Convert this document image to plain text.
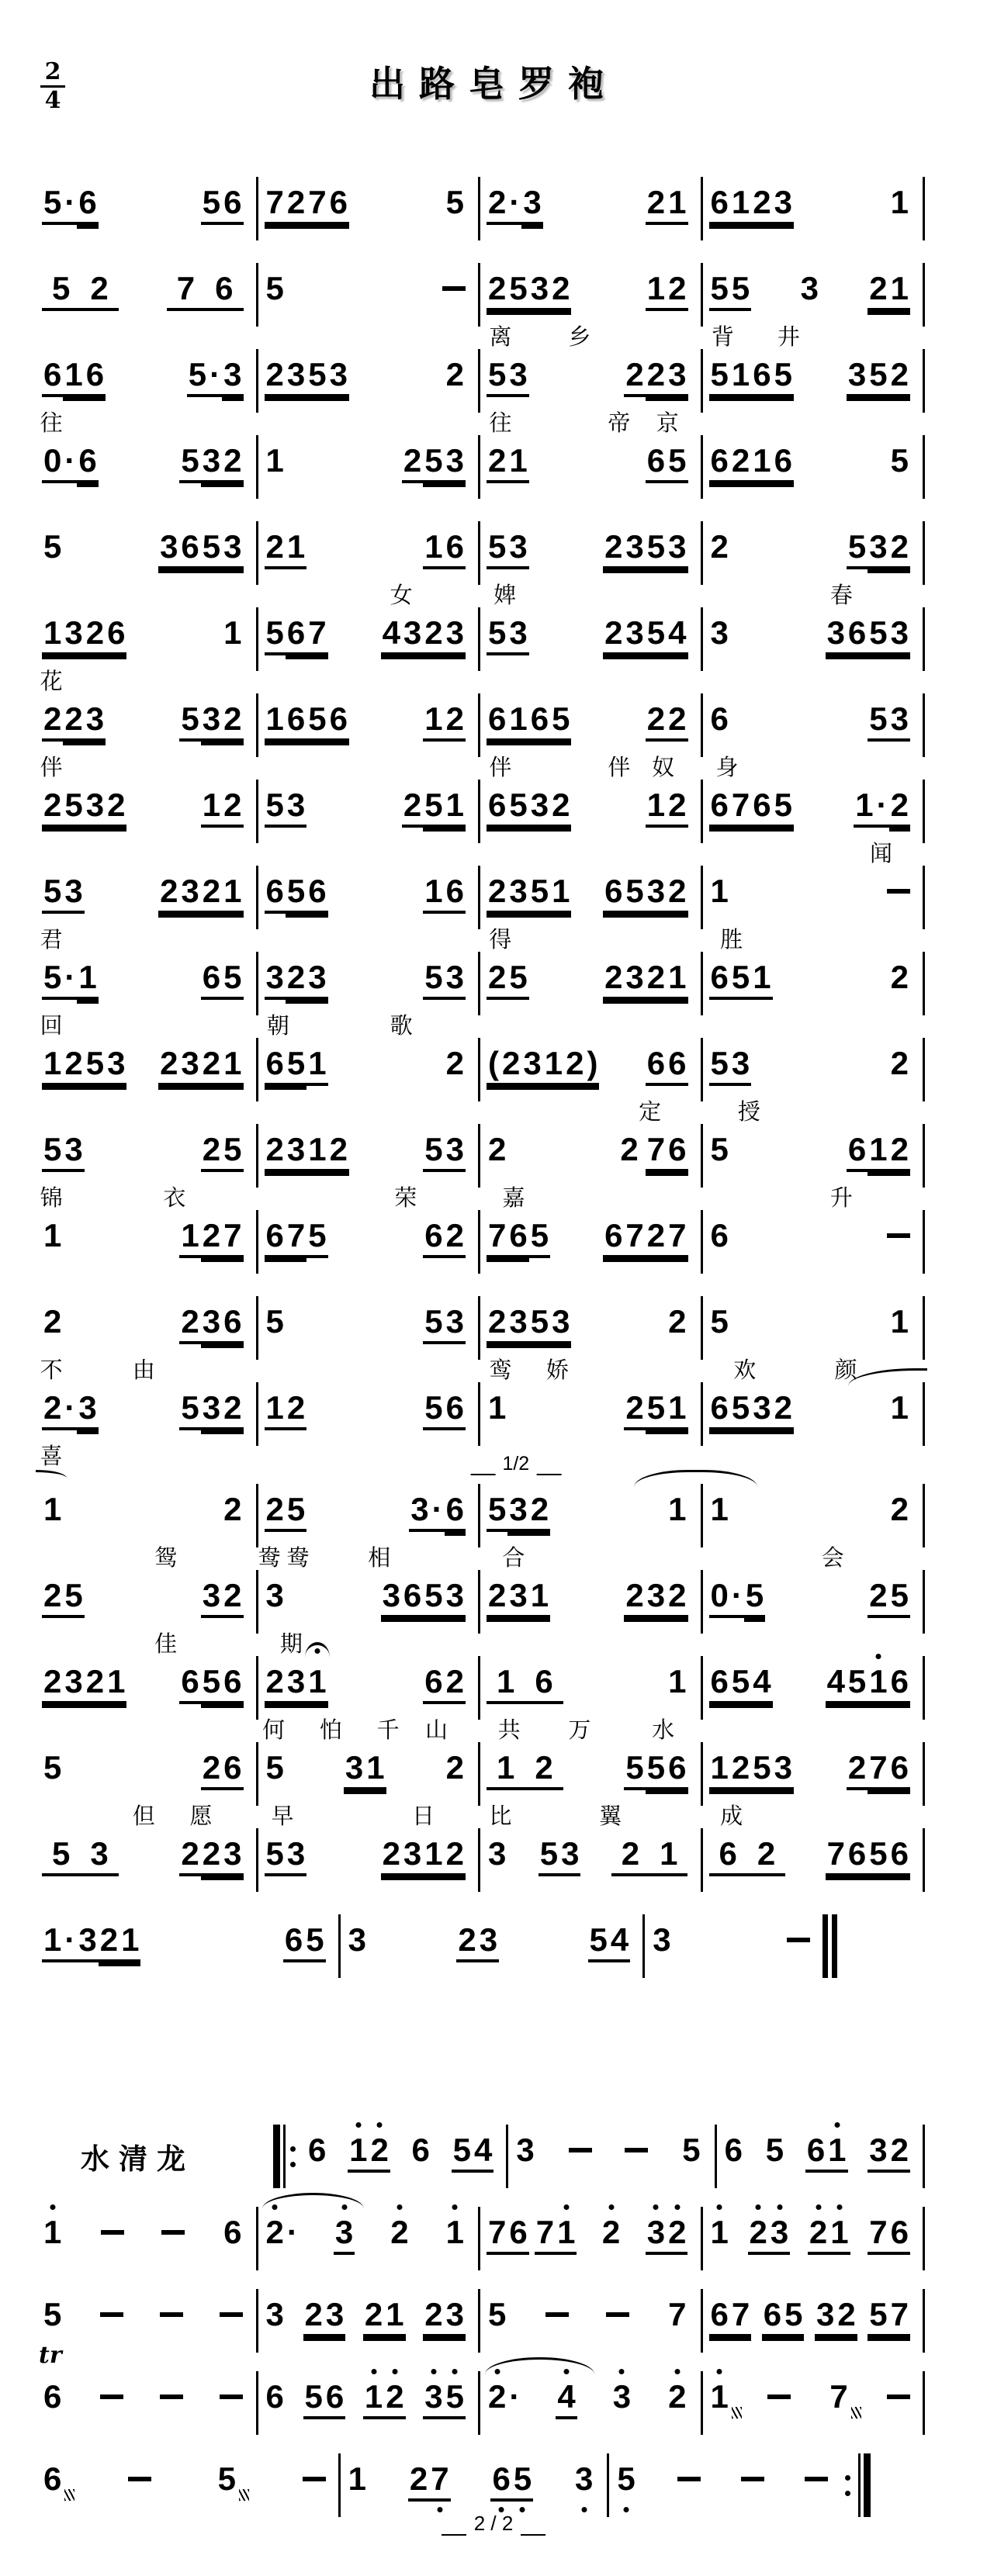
2
4	出路皂罗袍
5 · 6	5 6 7 2 7 6	5 2 · 3	2 1 6 1 2 3	1
5 2	7 6	5	2 5 3 2 1 2
离	乡
5 5 3 2 1
背 井
6 1 6	5 · 3
往
2 3 5 3	2 5 3	2 2 3
往	帝 京
5 1 6 5 3 5 2
0 · 6	5 3 2 1	2 5 3 2 1	6 5 6 2 1 6	5
5	3 6 5 3 2 1	1 6
女
5 3 2 3 5 3
婢
2	5 3 2
春
1 3 2 6	1
花
5 6 7 4 3 2 3 5 3 2 3 5 4 3	3 6 5 3
2 2 3 5 3 2
伴
1 6 5 6 1 2 6 1 6 5 2 2
伴	伴 奴
6	5 3
身
2 5 3 2 1 2 5 3	2 5 1 6 5 3 2 1 2 6 7 6 5 1 · 2
闻
5 3 2 3 2 1
君
6 5 6	1 6 2 3 5 1 6 5 3 2
得
1
胜
5 · 1	6 5
回
3 2 3	5 3
朝	歌
2 5 2 3 2 1 6 5 1	2
1 2 5 3 2 3 2 1 6 5 1	2 ( 2 3 1 2 ) 6 6
定
5 3	2
授
5 3	2 5
锦	衣
2 3 1 2 5 3
荣
2	2 7 6
嘉
5	6 1 2
升
1	1 2 7 6 7 5	6 2 7 6 5 6 7 2 7 6
2	2 3 6
不	由
5	5 3 2 3 5 3	2
鸾 娇
5	1
欢	颜
2 · 3	5 3 2
喜
1 2	5 6 1	2 5 1 6 5 3 2	1
1/2
1	2
鸳
2 5	3 · 6
鸯 鸯	相
5 3 2	1
合
1	2
会
2 5	3 2
佳
3	3 6 5 3
期
2 3 1 2 3 2 0 · 5	2 5
2 3 2 1 6 5 6 2 3 1	6 2
何 怕 千 山
1 6	1
共 万	水
6 5 4 4 5 1 6
5	2 6
但 愿
5 3 1 2
早	日
1 2	5 5 6
比	翼
1 2 5 3 2 7 6
成
5 3	2 2 3 5 3 2 3 1 2 3 5 3	2 1	6 2	7 6 5 6
1 · 3 2 1	6 5 3	2 3	5 4 3
水清龙	6 1 2 6 5 4 3	5 6 5 6 1 3 2
1	6 2 · 3 2 1 7 6 7 1 2 3 2 1 2 3 2 1 7 6
5	3 2 3 2 1 2 3 5	7 6 7 6 5 3 2 5 7
tr
6	6 5 6 1 2 3 5 2 · 4 3 2 1	7
6	5	1 2 7 6 5 3 5
2 / 2
